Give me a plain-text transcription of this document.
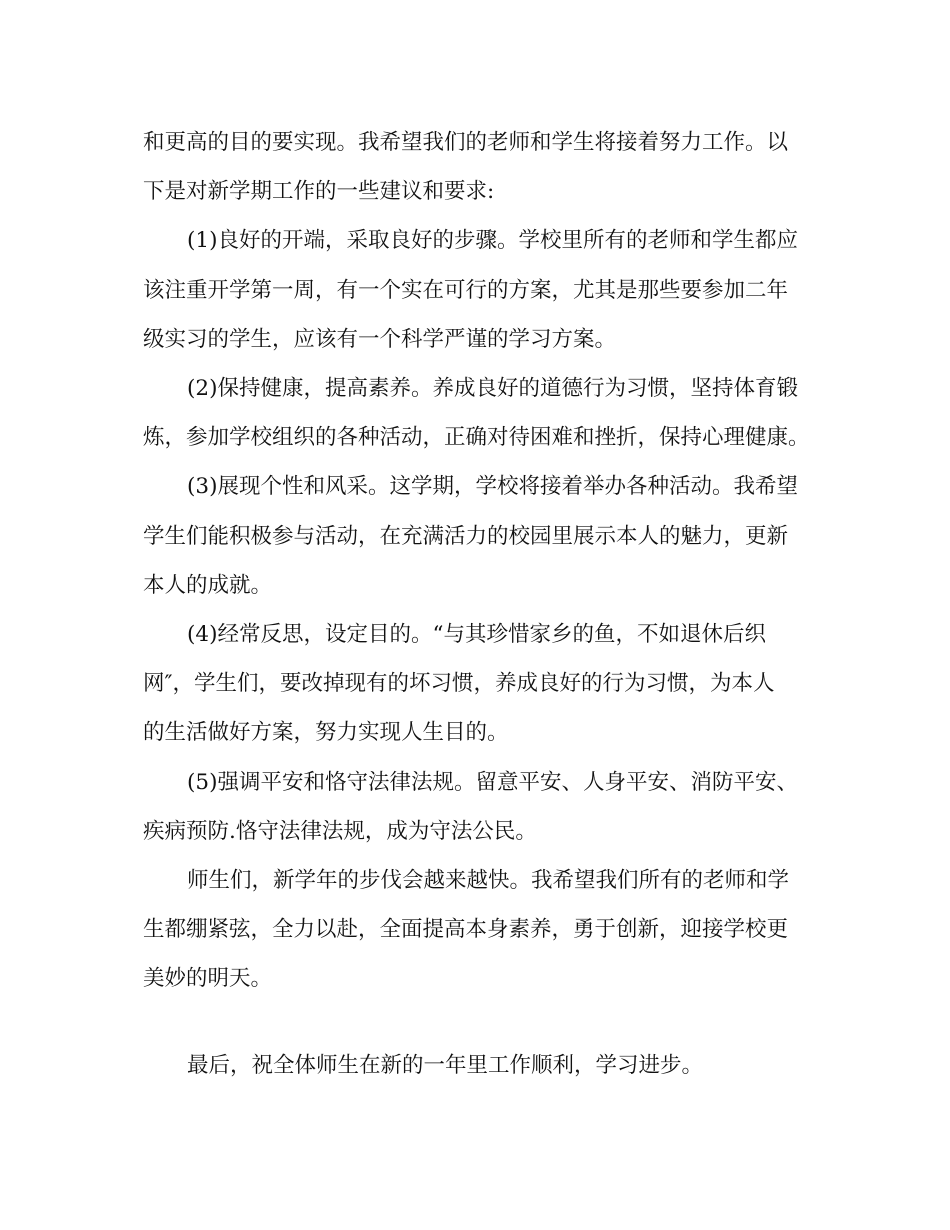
和更高的目的要实现。我希望我们的老师和学生将接着努力工作。以

下是对新学期工作的一些建议和要求:

(1)良好的开端，采取良好的步骤。学校里所有的老师和学生都应

该注重开学第一周，有一个实在可行的方案，尤其是那些要参加二年

级实习的学生，应该有一个科学严谨的学习方案。

(2)保持健康，提高素养。养成良好的道德行为习惯，坚持体育锻

炼，参加学校组织的各种活动，正确对待困难和挫折，保持心理健康。

(3)展现个性和风采。这学期，学校将接着举办各种活动。我希望

学生们能积极参与活动，在充满活力的校园里展示本人的魅力，更新

本人的成就。

(4)经常反思，设定目的。“与其珍惜家乡的鱼，不如退休后织

网″，学生们，要改掉现有的坏习惯，养成良好的行为习惯，为本人

的生活做好方案，努力实现人生目的。

(5)强调平安和恪守法律法规。留意平安、人身平安、消防平安、

疾病预防.恪守法律法规，成为守法公民。

师生们，新学年的步伐会越来越快。我希望我们所有的老师和学

生都绷紧弦，全力以赴，全面提高本身素养，勇于创新，迎接学校更

美妙的明天。

最后，祝全体师生在新的一年里工作顺利，学习进步。
